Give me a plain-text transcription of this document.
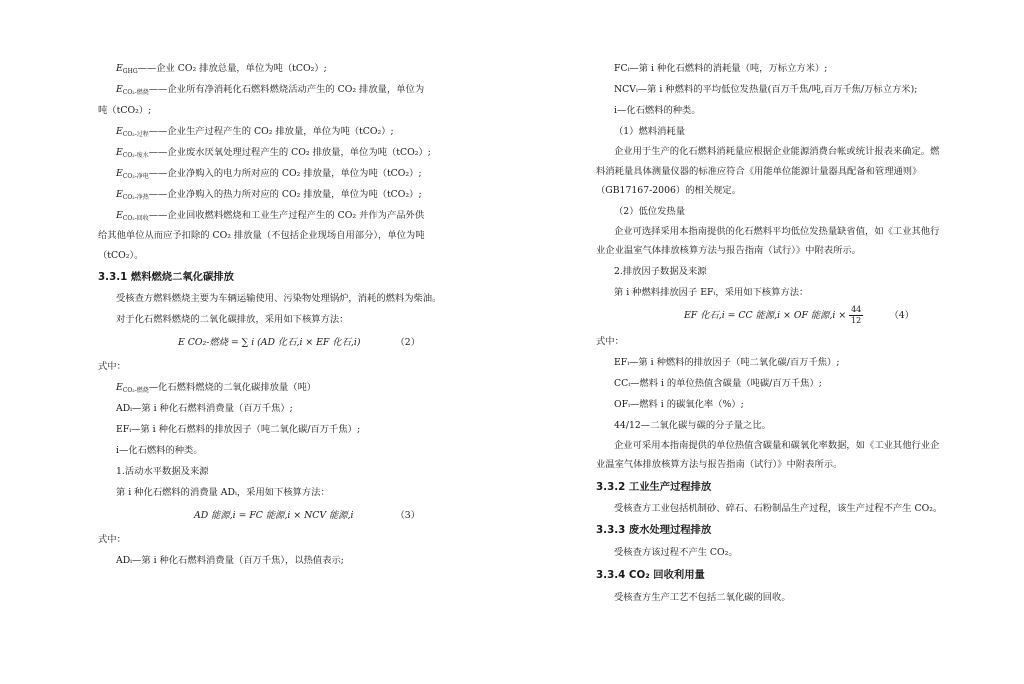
$E_{GHG}——$企业 CO₂ 排放总量，单位为吨（tCO₂）;
$E_{CO_2-燃烧}——$企业所有净消耗化石燃料燃烧活动产生的 CO₂ 排放量，单位为
吨（tCO₂）;
$E_{CO_2-过程}——$企业生产过程产生的 CO₂ 排放量，单位为吨（tCO₂）;
$E_{CO_2-废水}——$企业废水厌氧处理过程产生的 CO₂ 排放量，单位为吨（tCO₂）;
$E_{CO_2-净电}——$企业净购入的电力所对应的 CO₂ 排放量，单位为吨（tCO₂）;
$E_{CO_2-净热}——$企业净购入的热力所对应的 CO₂ 排放量，单位为吨（tCO₂）;
$E_{CO_2-回收}——$企业回收燃料燃烧和工业生产过程产生的 CO₂ 并作为产品外供
给其他单位从而应予扣除的 CO₂ 排放量（不包括企业现场自用部分），单位为吨（tCO₂）。
3.3.1 燃料燃烧二氧化碳排放
受核查方燃料燃烧主要为车辆运输使用、污染物处理锅炉，消耗的燃料为柴油。
对于化石燃料燃烧的二氧化碳排放，采用如下核算方法：
E CO₂-燃烧 = ∑ i (AD 化石,i × EF 化石,i)	（2）
式中：
$E_{CO_2-燃烧}—$化石燃料燃烧的二氧化碳排放量（吨）
ADᵢ—第 i 种化石燃料消费量（百万千焦）;
EFᵢ—第 i 种化石燃料的排放因子（吨二氧化碳/百万千焦）;
i—化石燃料的种类。
1.活动水平数据及来源
第 i 种化石燃料的消费量 ADᵢ，采用如下核算方法：
AD 能源,i = FC 能源,i × NCV 能源,i	（3）
式中：
ADᵢ—第 i 种化石燃料消费量（百万千焦），以热值表示;
FCᵢ—第 i 种化石燃料的消耗量（吨，万标立方米）;
NCVᵢ—第 i 种燃料的平均低位发热量(百万千焦/吨,百万千焦/万标立方米);
i—化石燃料的种类。
（1）燃料消耗量
企业用于生产的化石燃料消耗量应根据企业能源消费台帐或统计报表来确定。燃料消耗量具体测量仪器的标准应符合《用能单位能源计量器具配备和管理通则》（GB17167-2006）的相关规定。
（2）低位发热量
企业可选择采用本指南提供的化石燃料平均低位发热量缺省值，如《工业其他行业企业温室气体排放核算方法与报告指南（试行）》中附表所示。
2.排放因子数据及来源
第 i 种燃料排放因子 EFᵢ，采用如下核算方法：
EF 化石,i = CC 能源,i × OF 能源$,i \times \frac{44}{12}$	（4）
式中：
EFᵢ—第 i 种燃料的排放因子（吨二氧化碳/百万千焦）;
CCᵢ—燃料 i 的单位热值含碳量（吨碳/百万千焦）;
OFᵢ—燃料 i 的碳氧化率（%）;
44/12—二氧化碳与碳的分子量之比。
企业可采用本指南提供的单位热值含碳量和碳氧化率数据，如《工业其他行业企业温室气体排放核算方法与报告指南（试行）》中附表所示。
3.3.2 工业生产过程排放
受核查方工业包括机制砂、碎石、石粉制品生产过程，该生产过程不产生 CO₂。
3.3.3 废水处理过程排放
受核查方该过程不产生 CO₂。
3.3.4 CO₂ 回收利用量
受核查方生产工艺不包括二氧化碳的回收。
